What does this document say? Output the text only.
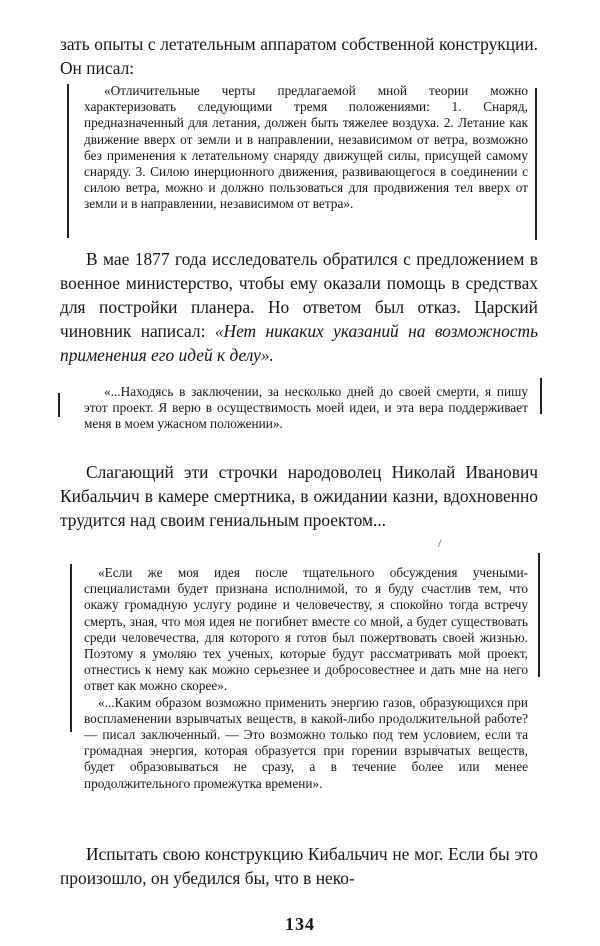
зать опыты с летательным аппаратом собственной конструкции. Он писал:

«Отличительные черты предлагаемой мной теории можно характеризовать следующими тремя положениями: 1. Снаряд, предназначенный для летания, должен быть тяжелее воздуха. 2. Летание как движение вверх от земли и в направлении, независимом от ветра, возможно без применения к летательному снаряду движущей силы, присущей самому снаряду. 3. Силою инерционного движения, развивающегося в соединении с силою ветра, можно и должно пользоваться для продвижения тел вверх от земли и в направлении, независимом от ветра».

В мае 1877 года исследователь обратился с предложением в военное министерство, чтобы ему оказали помощь в средствах для постройки планера. Но ответом был отказ. Царский чиновник написал: «Нет никаких указаний на возможность применения его идей к делу».

«...Находясь в заключении, за несколько дней до своей смерти, я пишу этот проект. Я верю в осуществимость моей идеи, и эта вера поддерживает меня в моем ужасном положении».

Слагающий эти строчки народоволец Николай Иванович Кибальчич в камере смертника, в ожидании казни, вдохновенно трудится над своим гениальным проектом...

/

«Если же моя идея после тщательного обсуждения учеными-специалистами будет признана исполнимой, то я буду счастлив тем, что окажу громадную услугу родине и человечеству, я спокойно тогда встречу смерть, зная, что моя идея не погибнет вместе со мной, а будет существовать среди человечества, для которого я готов был пожертвовать своей жизнью. Поэтому я умоляю тех ученых, которые будут рассматривать мой проект, отнестись к нему как можно серьезнее и добросовестнее и дать мне на него ответ как можно скорее».

«...Каким образом возможно применить энергию газов, образующихся при воспламенении взрывчатых веществ, в какой-либо продолжительной работе? — писал заключенный. — Это возможно только под тем условием, если та громадная энергия, которая образуется при горении взрывчатых веществ, будет образовываться не сразу, а в течение более или менее продолжительного промежутка времени».

Испытать свою конструкцию Кибальчич не мог. Если бы это произошло, он убедился бы, что в неко-

134
